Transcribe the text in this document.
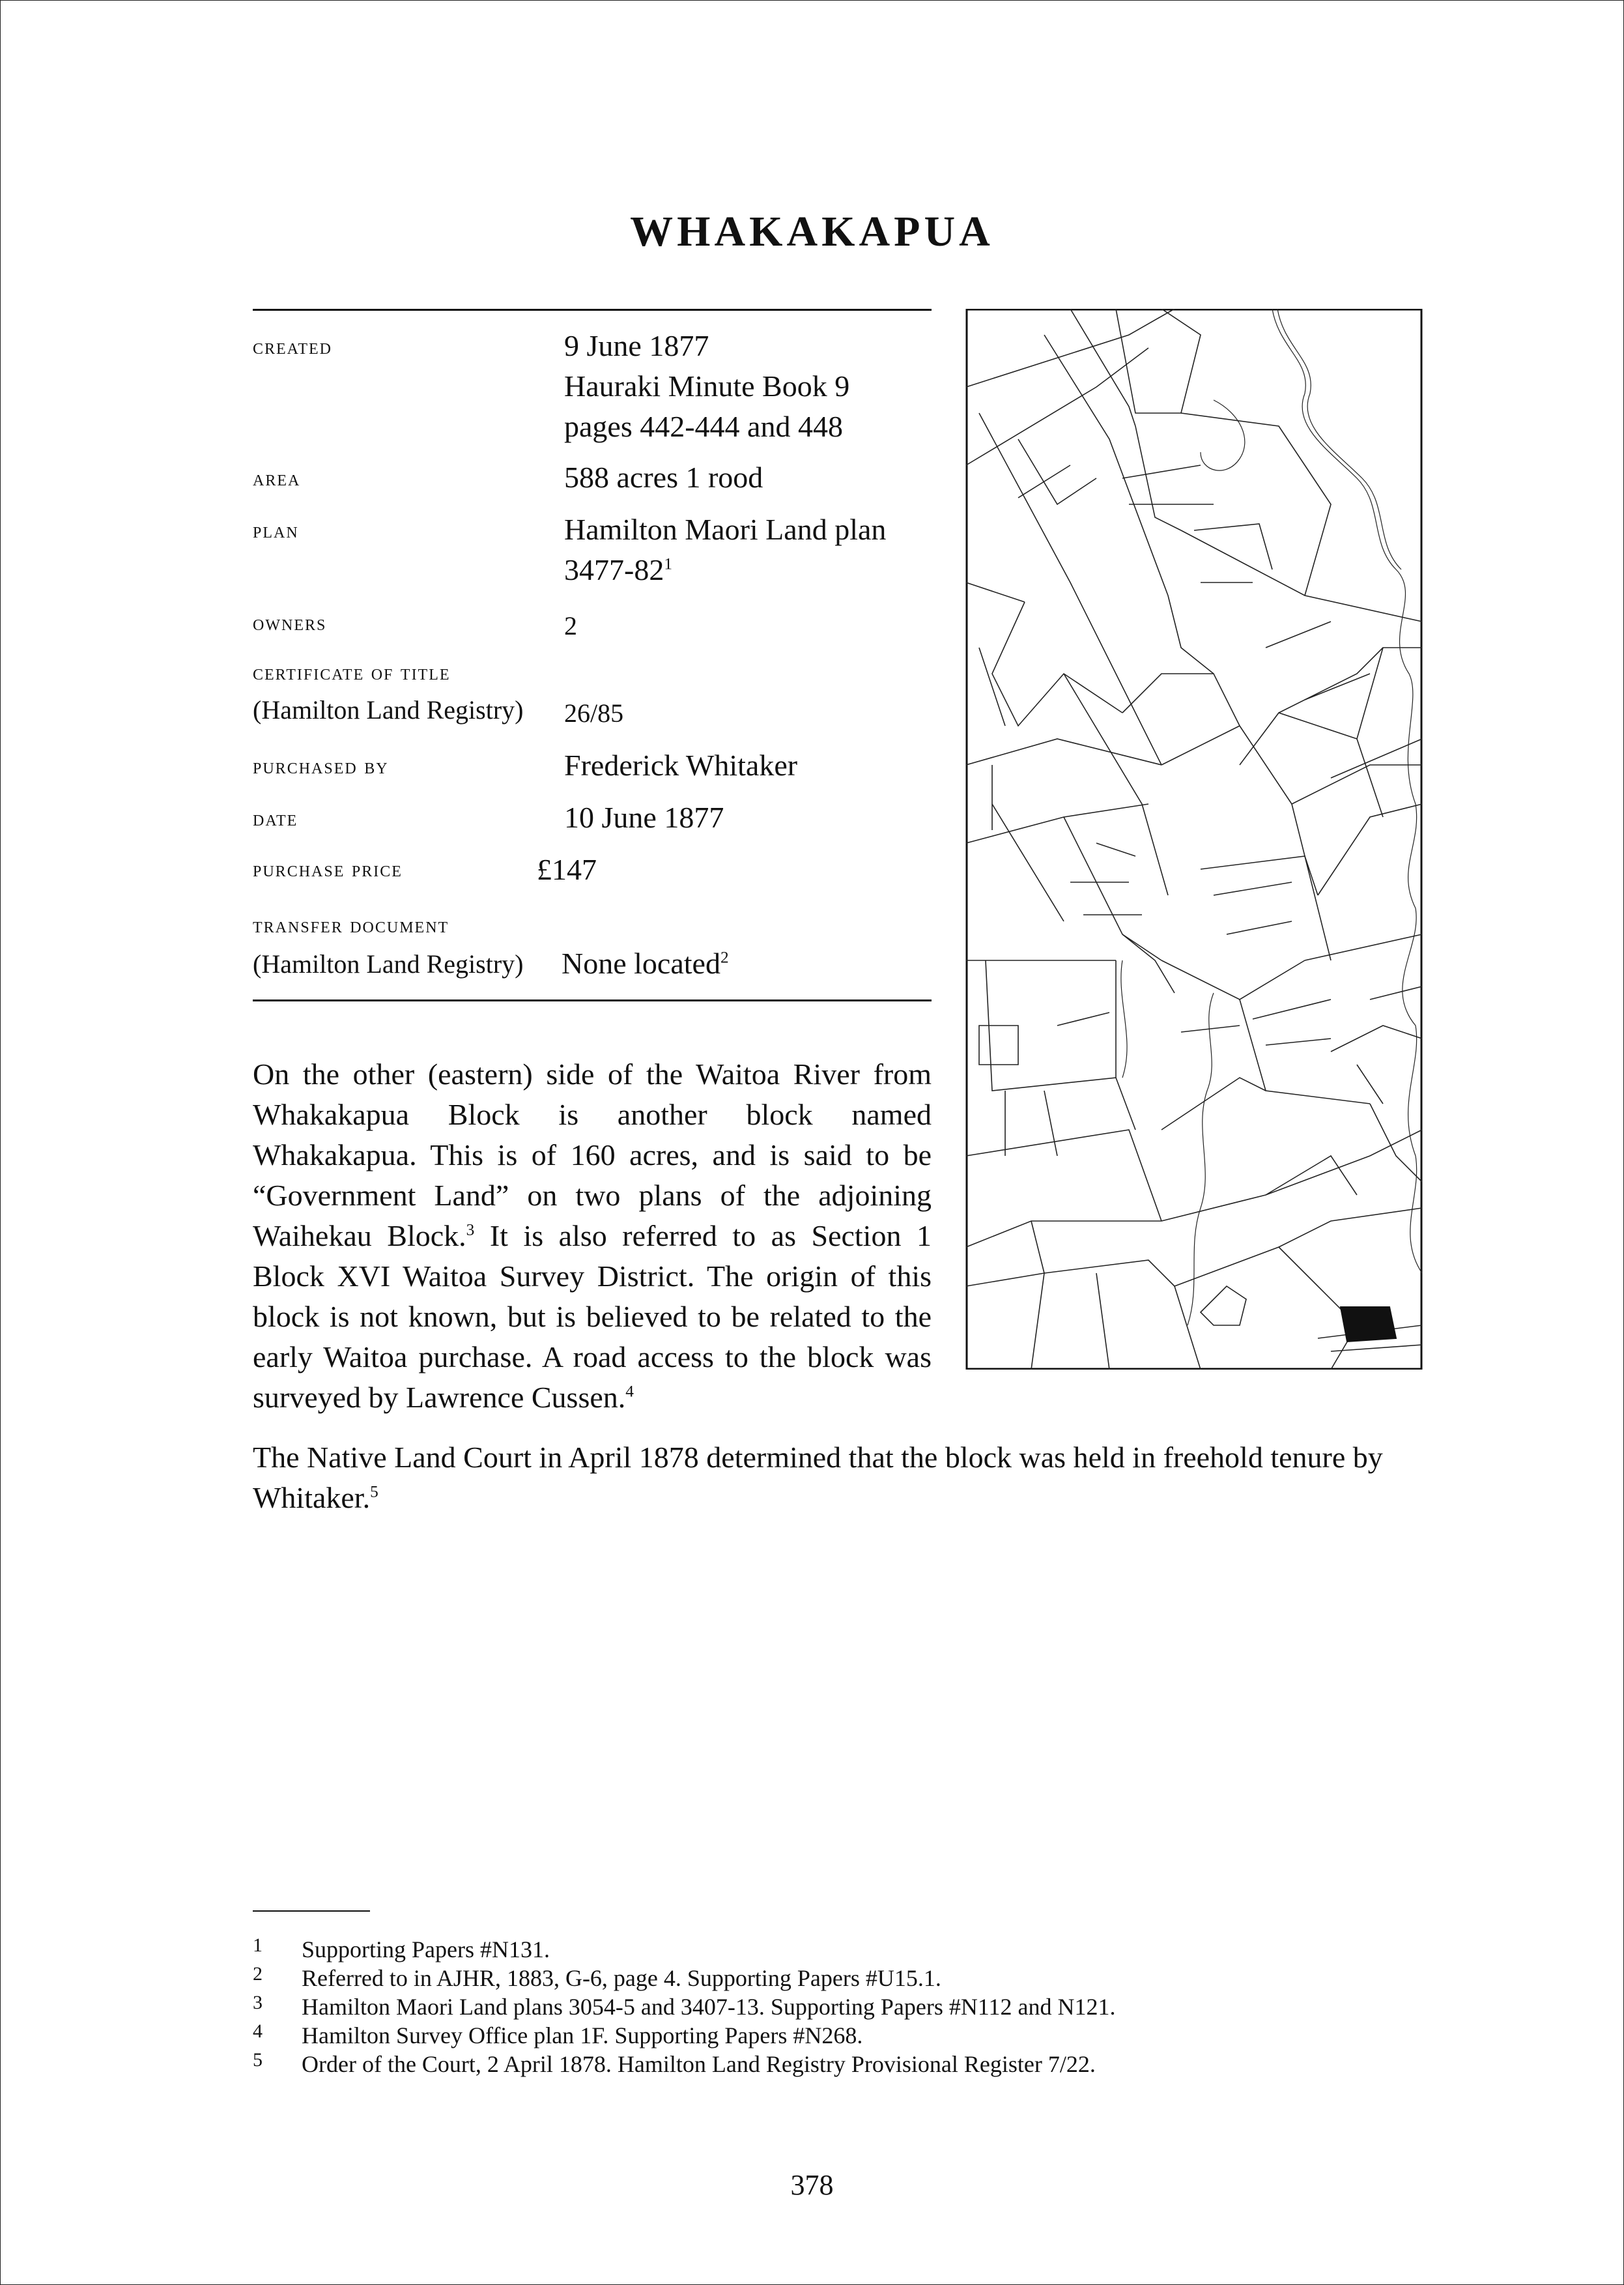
WHAKAKAPUA
created	9 June 1877
Hauraki Minute Book 9
pages 442-444 and 448
area	588 acres 1 rood
plan	Hamilton Maori Land plan
$3477-82^1$
owners	2
certificate of title
(Hamilton Land Registry) 26/85
purchased by	Frederick Whitaker
date	10 June 1877
purchase price	£147
transfer document
(Hamilton Land Registry) None located$^2$
On the other (eastern) side of the Waitoa River from Whakakapua Block is another block named Whakakapua. This is of 160 acres, and is said to be “Government Land” on two plans of the adjoining Waihekau Block.$^3$ It is also referred to as Section 1 Block XVI Waitoa Survey District. The origin of this block is not known, but is believed to be related to the early Waitoa purchase. A road access to the block was surveyed by Lawrence Cussen.$^4$
The Native Land Court in April 1878 determined that the block was held in freehold tenure by Whitaker.$^5$
1 Supporting Papers #N131.
2 Referred to in AJHR, 1883, G-6, page 4. Supporting Papers #U15.1.
3 Hamilton Maori Land plans 3054-5 and 3407-13. Supporting Papers #N112 and N121.
4 Hamilton Survey Office plan 1F. Supporting Papers #N268.
5 Order of the Court, 2 April 1878. Hamilton Land Registry Provisional Register 7/22.
378
